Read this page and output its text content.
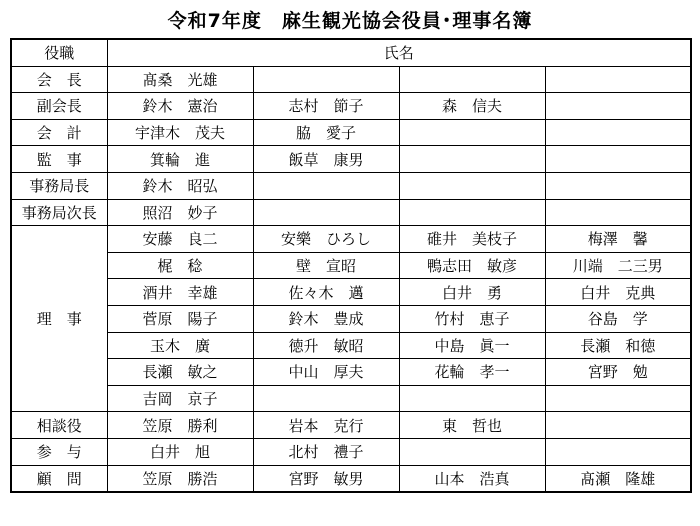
令和7年度　麻生観光協会役員･理事名簿
役職	氏名			
会　長	髙桑　光雄			
副会長	鈴木　憲治	志村　節子	森　信夫	
会　計	宇津木　茂夫	脇　愛子		
監　事	箕輪　進	飯草　康男		
事務局長	鈴木　昭弘			
事務局次長	照沼　妙子			
理　事	安藤　良二	安樂　ひろし	碓井　美枝子	梅澤　馨
	梶　稔	壁　宣昭	鴨志田　敏彦	川端　二三男
	酒井　幸雄	佐々木　邁	白井　勇	白井　克典
	菅原　陽子	鈴木　豊成	竹村　恵子	谷島　学
	玉木　廣	徳升　敏昭	中島　眞一	長瀬　和徳
	長瀬　敏之	中山　厚夫	花輪　孝一	宮野　勉
	吉岡　京子			
相談役	笠原　勝利	岩本　克行	東　哲也	
参　与	白井　旭	北村　禮子		
顧　問	笠原　勝浩	宮野　敏男	山本　浩真	髙瀬　隆雄
